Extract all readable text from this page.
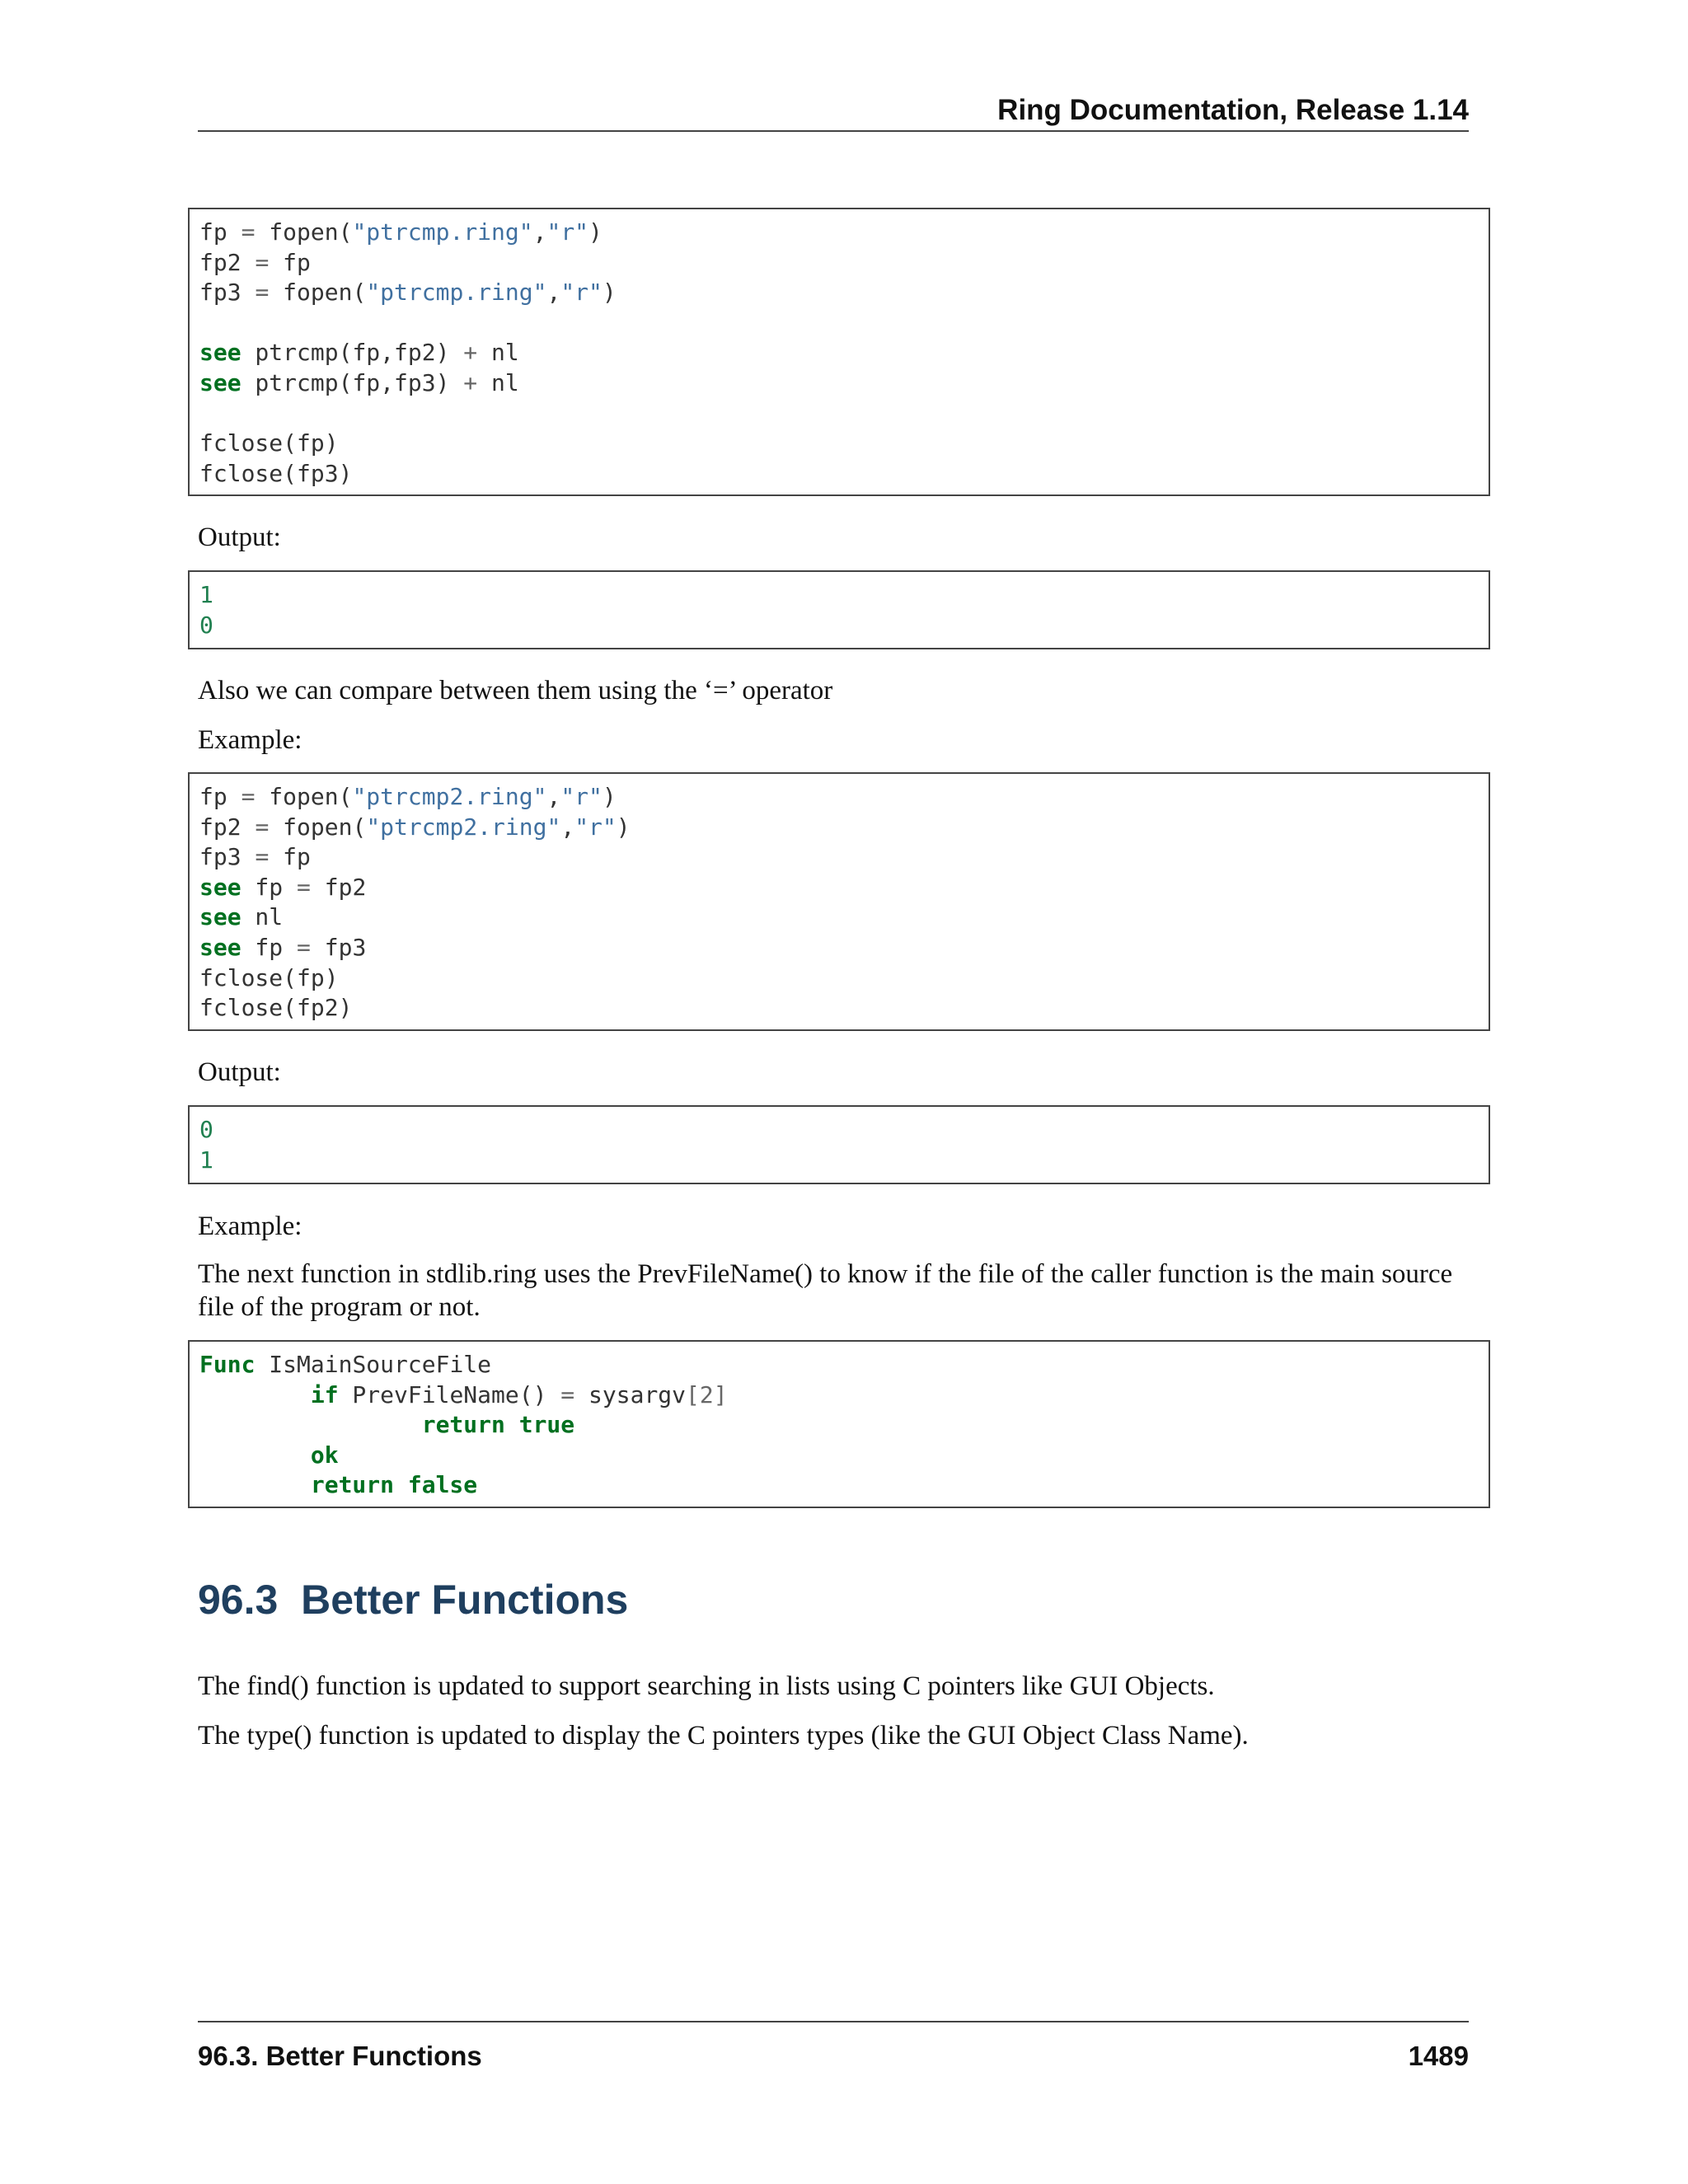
Ring Documentation, Release 1.14
fp = fopen("ptrcmp.ring","r")
fp2 = fp
fp3 = fopen("ptrcmp.ring","r")

see ptrcmp(fp,fp2) + nl
see ptrcmp(fp,fp3) + nl

fclose(fp)
fclose(fp3)
Output:
1
0
Also we can compare between them using the ‘=’ operator
Example:
fp = fopen("ptrcmp2.ring","r")
fp2 = fopen("ptrcmp2.ring","r")
fp3 = fp
see fp = fp2
see nl
see fp = fp3
fclose(fp)
fclose(fp2)
Output:
0
1
Example:
The next function in stdlib.ring uses the PrevFileName() to know if the file of the caller function is the main source file of the program or not.
Func IsMainSourceFile
if PrevFileName() = sysargv[2]
return true
ok
return false
96.3 Better Functions
The find() function is updated to support searching in lists using C pointers like GUI Objects.
The type() function is updated to display the C pointers types (like the GUI Object Class Name).
96.3. Better Functions	1489
